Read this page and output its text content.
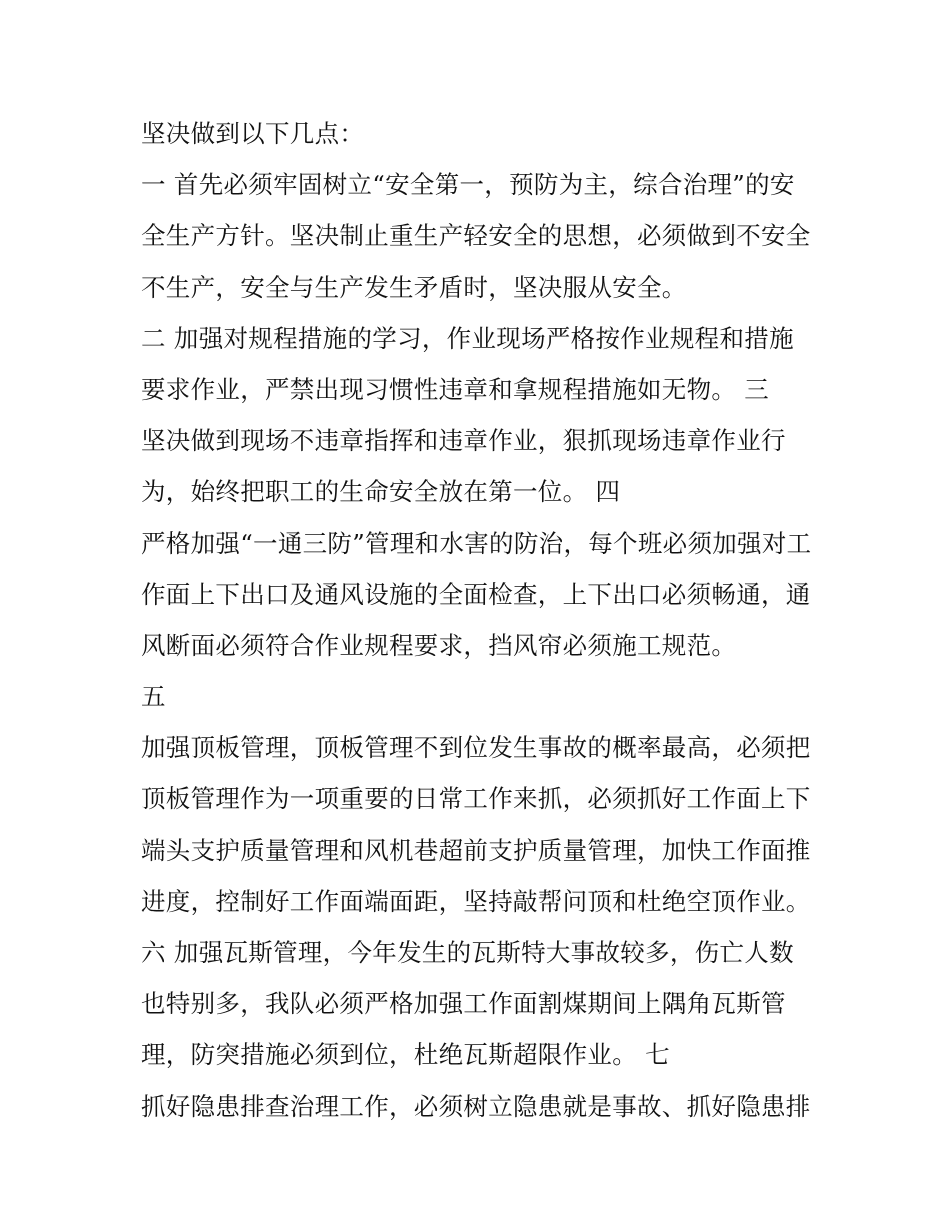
坚决做到以下几点：
一 首先必须牢固树立“安全第一，预防为主，综合治理”的安
全生产方针。坚决制止重生产轻安全的思想，必须做到不安全
不生产，安全与生产发生矛盾时，坚决服从安全。
二 加强对规程措施的学习，作业现场严格按作业规程和措施
要求作业，严禁出现习惯性违章和拿规程措施如无物。 三
坚决做到现场不违章指挥和违章作业，狠抓现场违章作业行
为，始终把职工的生命安全放在第一位。 四
严格加强“一通三防”管理和水害的防治，每个班必须加强对工
作面上下出口及通风设施的全面检查，上下出口必须畅通，通
风断面必须符合作业规程要求，挡风帘必须施工规范。
五
加强顶板管理，顶板管理不到位发生事故的概率最高，必须把
顶板管理作为一项重要的日常工作来抓，必须抓好工作面上下
端头支护质量管理和风机巷超前支护质量管理，加快工作面推
进度，控制好工作面端面距，坚持敲帮问顶和杜绝空顶作业。
六 加强瓦斯管理，今年发生的瓦斯特大事故较多，伤亡人数
也特别多，我队必须严格加强工作面割煤期间上隅角瓦斯管
理，防突措施必须到位，杜绝瓦斯超限作业。 七
抓好隐患排查治理工作，必须树立隐患就是事故、抓好隐患排
